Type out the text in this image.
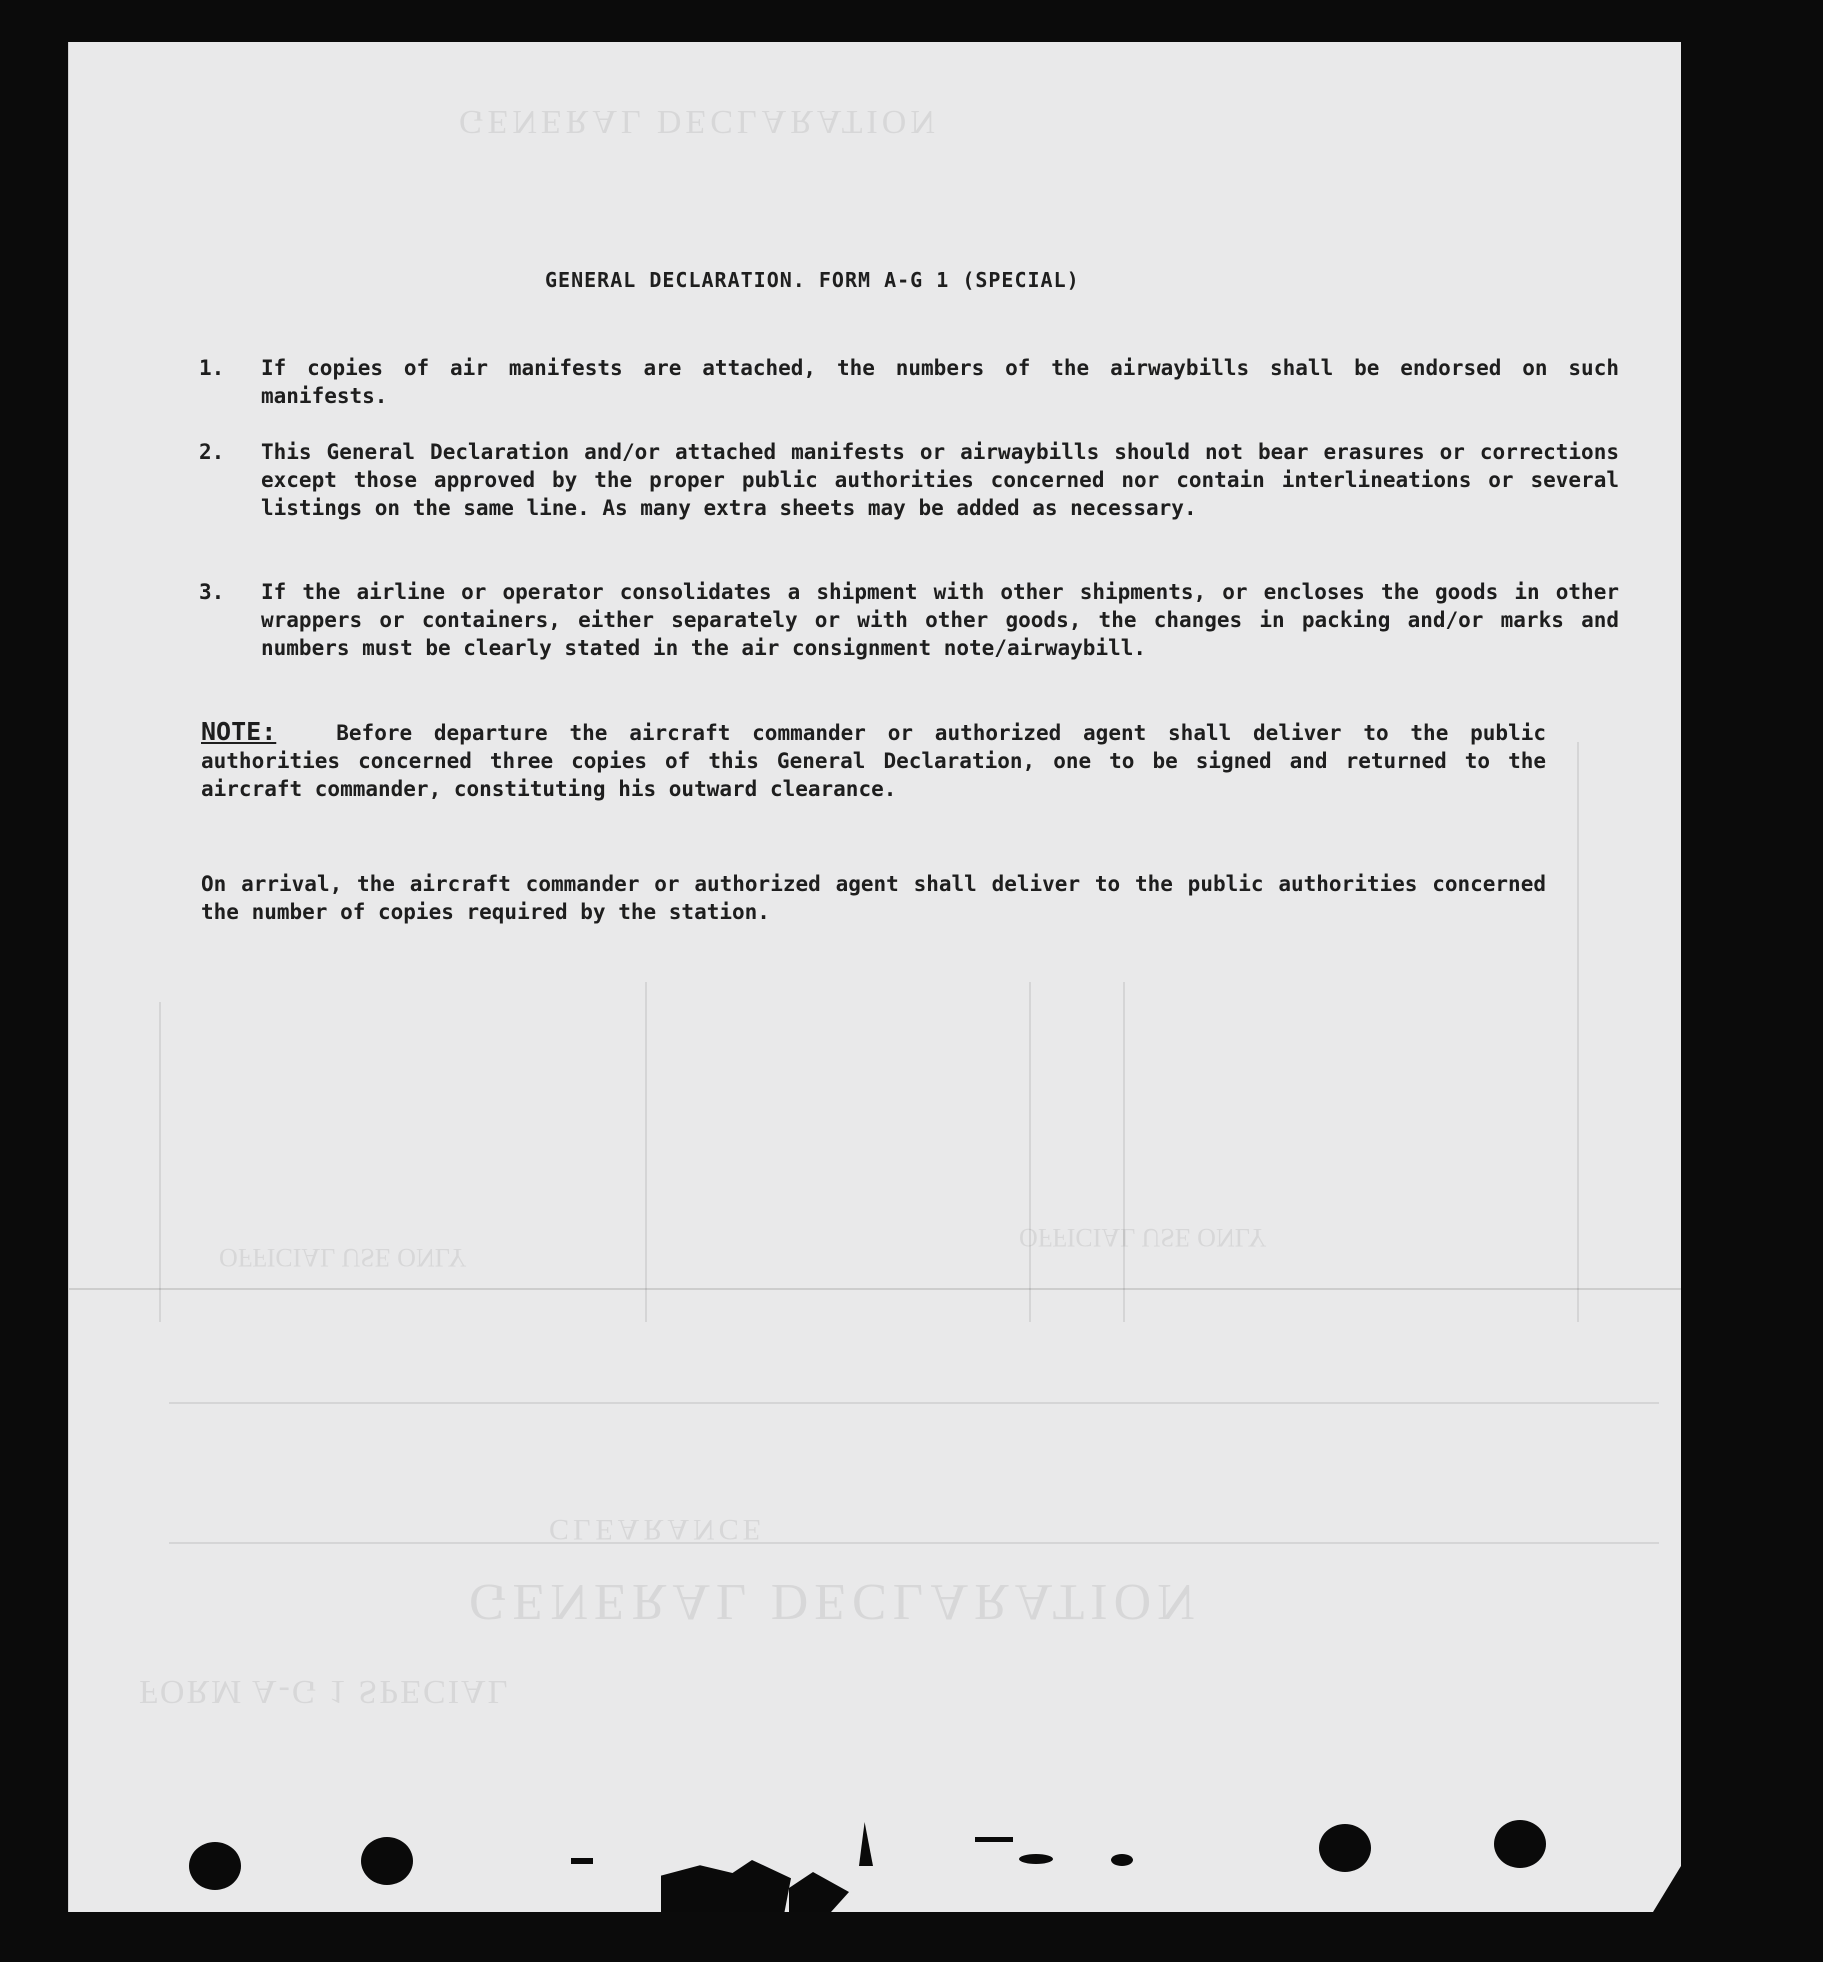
GENERAL DECLARATION
GENERAL DECLARATION
CLEARANCE
FORM A-G 1 SPECIAL
OFFICIAL USE ONLY
OFFICIAL USE ONLY
GENERAL DECLARATION. FORM A-G 1 (SPECIAL)
1.	If copies of air manifests are attached, the numbers of the airwaybills shall be endorsed on such manifests.
2.	This General Declaration and/or attached manifests or airwaybills should not bear erasures or corrections except those approved by the proper public authorities concerned nor contain interlineations or several listings on the same line. As many extra sheets may be added as necessary.
3.	If the airline or operator consolidates a shipment with other shipments, or encloses the goods in other wrappers or containers, either separately or with other goods, the changes in packing and/or marks and numbers must be clearly stated in the air consignment note/airwaybill.
NOTE:	Before departure the aircraft commander or authorized agent shall deliver to the public authorities concerned three copies of this General Declaration, one to be signed and returned to the aircraft commander, constituting his outward clearance.
On arrival, the aircraft commander or authorized agent shall deliver to the public authorities concerned the number of copies required by the station.
